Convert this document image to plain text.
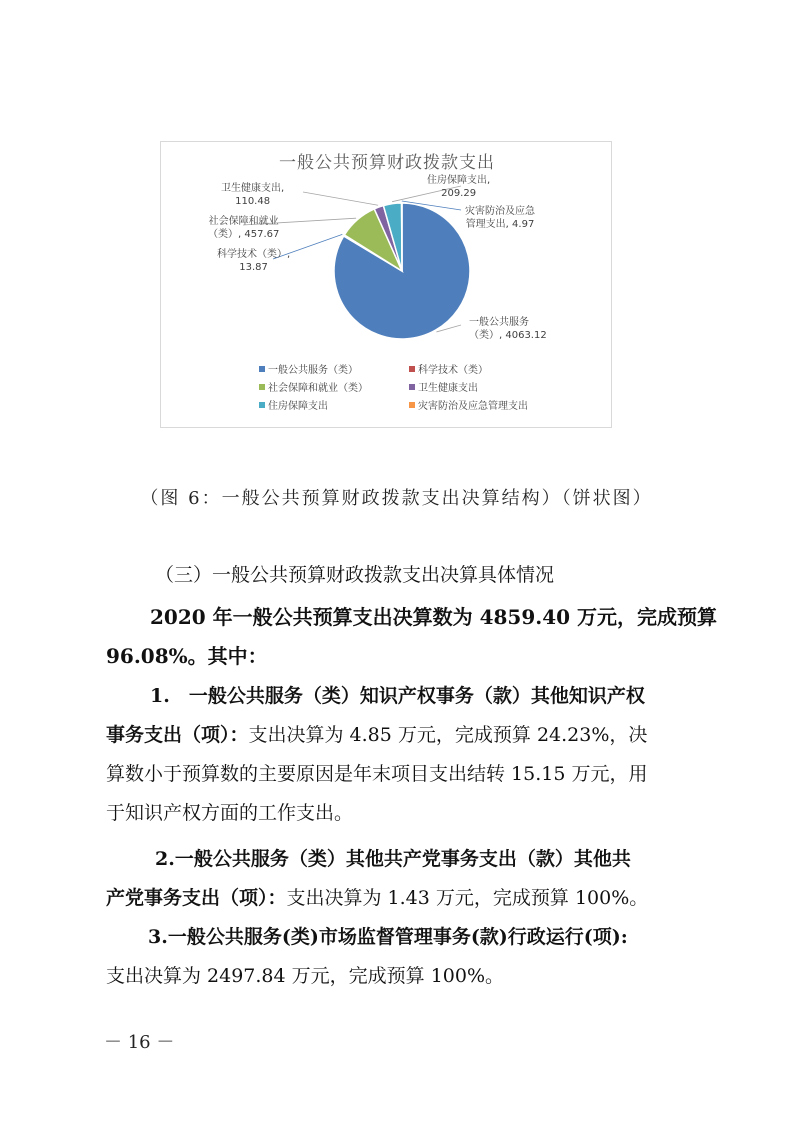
一般公共预算财政拨款支出
卫生健康支出,
110.48
住房保障支出,
209.29
灾害防治及应急
管理支出, 4.97
社会保障和就业
（类）, 457.67
科学技术（类）,
13.87
一般公共服务
（类）, 4063.12
一般公共服务（类）	科学技术（类）
社会保障和就业（类）	卫生健康支出
住房保障支出	灾害防治及应急管理支出
（图 6：一般公共预算财政拨款支出决算结构）（饼状图）
（三）一般公共预算财政拨款支出决算具体情况
2020 年一般公共预算支出决算数为 4859.40 万元，完成预算
96.08%。其中：
1.　一般公共服务（类）知识产权事务（款）其他知识产权
事务支出（项）：支出决算为 4.85 万元，完成预算 24.23%，决
算数小于预算数的主要原因是年末项目支出结转 15.15 万元，用
于知识产权方面的工作支出。
2.一般公共服务（类）其他共产党事务支出（款）其他共
产党事务支出（项）：支出决算为 1.43 万元，完成预算 100%。
3.一般公共服务(类)市场监督管理事务(款)行政运行(项):
支出决算为 2497.84 万元，完成预算 100%。
－ 16 －
